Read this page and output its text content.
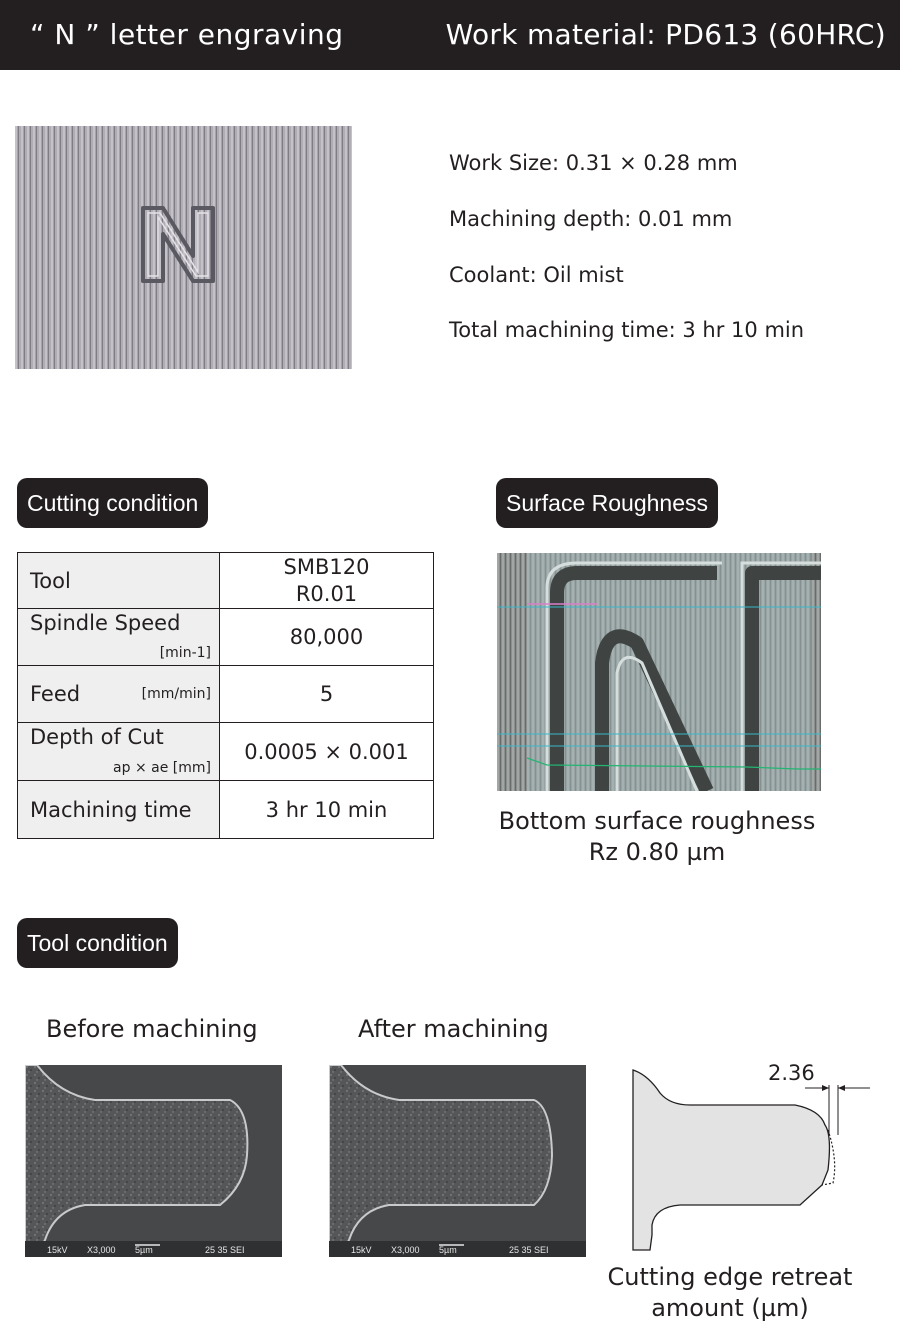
“ N ” letter engraving	Work material: PD613 (60HRC)
Work Size: 0.31 × 0.28 mm
Machining depth: 0.01 mm
Coolant: Oil mist
Total machining time: 3 hr 10 min
Cutting condition
Tool	SMB120
R0.01

Spindle Speed
[min-1]	80,000

Feed [mm/min]	5

Depth of Cut
ap × ae [mm]	0.0005 × 0.001

Machining time	3 hr 10 min
Surface Roughness
Bottom surface roughness
Rz 0.80 µm
Tool condition
Before machining	After machining
15kV X3,000 5µm	25 35 SEI	15kV X3,000 5µm	25 35 SEI
2.36
Cutting edge retreat
amount (µm)
